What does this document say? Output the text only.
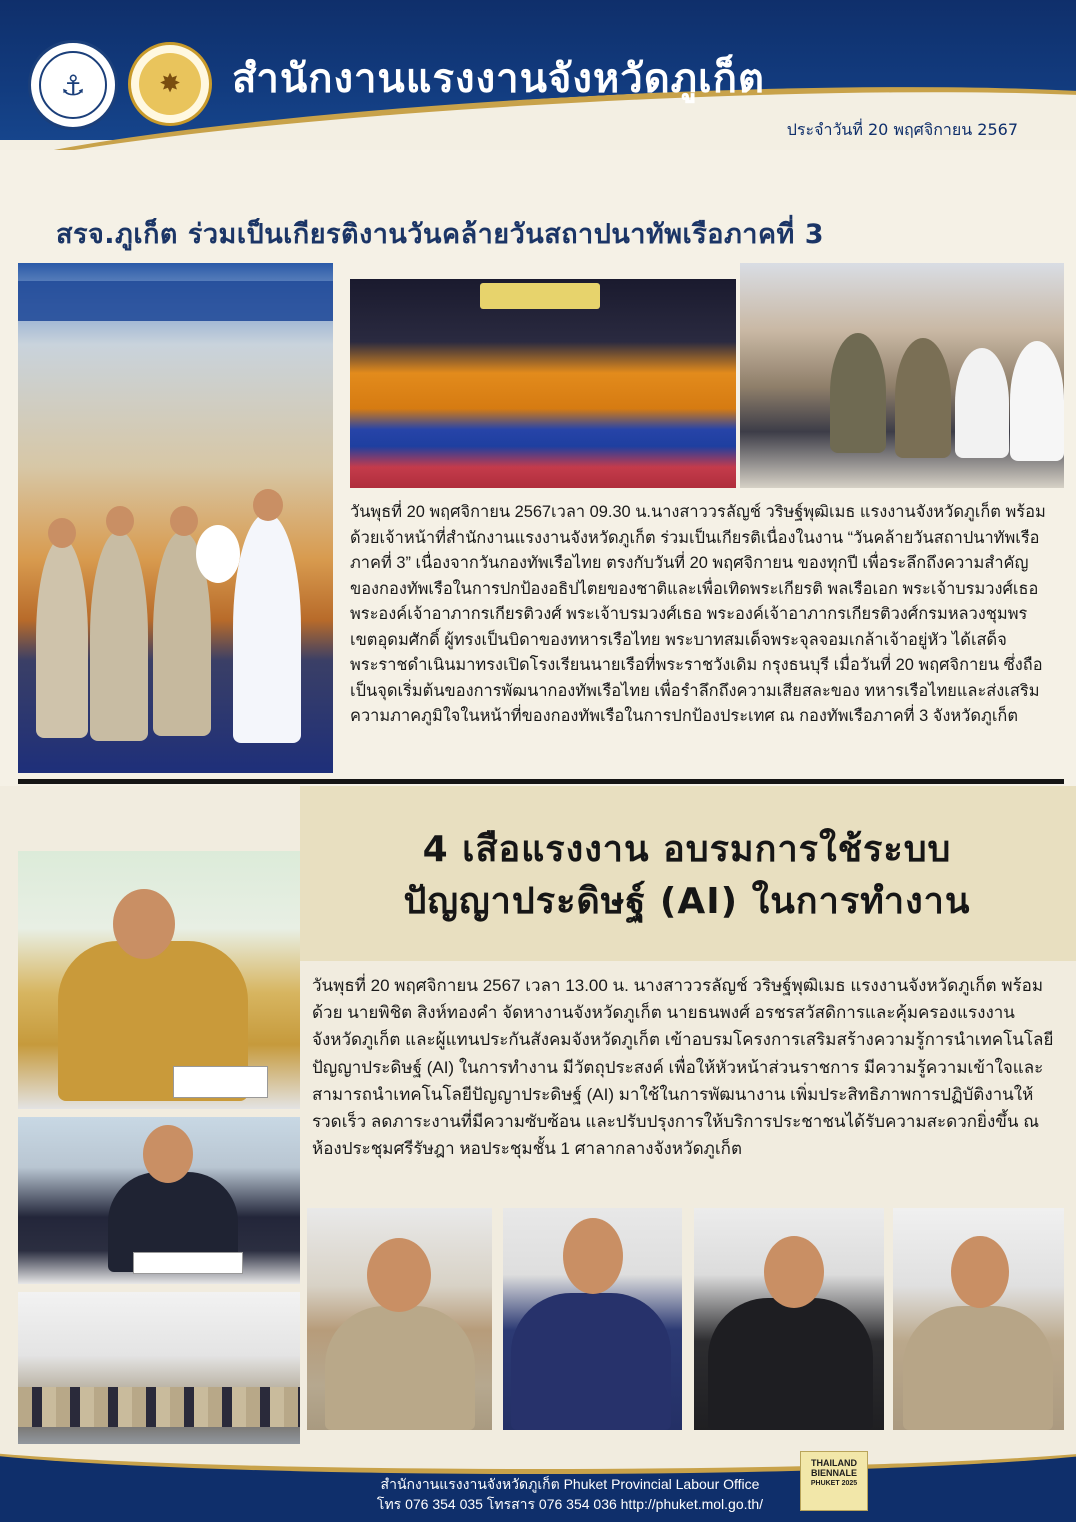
⚓	✸	สำนักงานแรงงานจังหวัดภูเก็ต
ประจำวันที่ 20 พฤศจิกายน 2567
สรจ.ภูเก็ต ร่วมเป็นเกียรติงานวันคล้ายวันสถาปนาทัพเรือภาคที่ 3
วันพุธที่ 20 พฤศจิกายน 2567เวลา 09.30 น.นางสาววรลัญช์ วริษฐ์พุฒิเมธ แรงงานจังหวัดภูเก็ต พร้อมด้วยเจ้าหน้าที่สำนักงานแรงงานจังหวัดภูเก็ต ร่วมเป็นเกียรติเนื่องในงาน “วันคล้ายวันสถาปนาทัพเรือภาคที่ 3” เนื่องจากวันกองทัพเรือไทย ตรงกับวันที่ 20 พฤศจิกายน ของทุกปี เพื่อระลึกถึงความสำคัญของกองทัพเรือในการปกป้องอธิปไตยของชาติและเพื่อเทิดพระเกียรติ พลเรือเอก พระเจ้าบรมวงศ์เธอ พระองค์เจ้าอาภากรเกียรติวงศ์ พระเจ้าบรมวงศ์เธอ พระองค์เจ้าอาภากรเกียรติวงศ์กรมหลวงชุมพรเขตอุดมศักดิ์ ผู้ทรงเป็นบิดาของทหารเรือไทย พระบาทสมเด็จพระจุลจอมเกล้าเจ้าอยู่หัว ได้เสด็จพระราชดำเนินมาทรงเปิดโรงเรียนนายเรือที่พระราชวังเดิม กรุงธนบุรี เมื่อวันที่ 20 พฤศจิกายน ซึ่งถือเป็นจุดเริ่มต้นของการพัฒนากองทัพเรือไทย เพื่อรำลึกถึงความเสียสละของ ทหารเรือไทยและส่งเสริมความภาคภูมิใจในหน้าที่ของกองทัพเรือในการปกป้องประเทศ ณ กองทัพเรือภาคที่ 3 จังหวัดภูเก็ต
4 เสือแรงงาน อบรมการใช้ระบบ
ปัญญาประดิษฐ์ (AI) ในการทำงาน
วันพุธที่ 20 พฤศจิกายน 2567 เวลา 13.00 น. นางสาววรลัญช์ วริษฐ์พุฒิเมธ แรงงานจังหวัดภูเก็ต พร้อมด้วย นายพิชิต สิงห์ทองคำ จัดหางานจังหวัดภูเก็ต นายธนพงศ์ อรชรสวัสดิการและคุ้มครองแรงงานจังหวัดภูเก็ต และผู้แทนประกันสังคมจังหวัดภูเก็ต เข้าอบรมโครงการเสริมสร้างความรู้การนำเทคโนโลยีปัญญาประดิษฐ์ (AI) ในการทำงาน มีวัตถุประสงค์ เพื่อให้หัวหน้าส่วนราชการ มีความรู้ความเข้าใจและสามารถนำเทคโนโลยีปัญญาประดิษฐ์ (AI) มาใช้ในการพัฒนางาน เพิ่มประสิทธิภาพการปฏิบัติงานให้รวดเร็ว ลดภาระงานที่มีความซับซ้อน และปรับปรุงการให้บริการประชาชนได้รับความสะดวกยิ่งขึ้น ณ ห้องประชุมศรีรัษฎา หอประชุมชั้น 1 ศาลากลางจังหวัดภูเก็ต
สำนักงานแรงงานจังหวัดภูเก็ต Phuket Provincial Labour Office
โทร 076 354 035 โทรสาร 076 354 036 http://phuket.mol.go.th/
THAILAND
BIENNALE
PHUKET 2025
